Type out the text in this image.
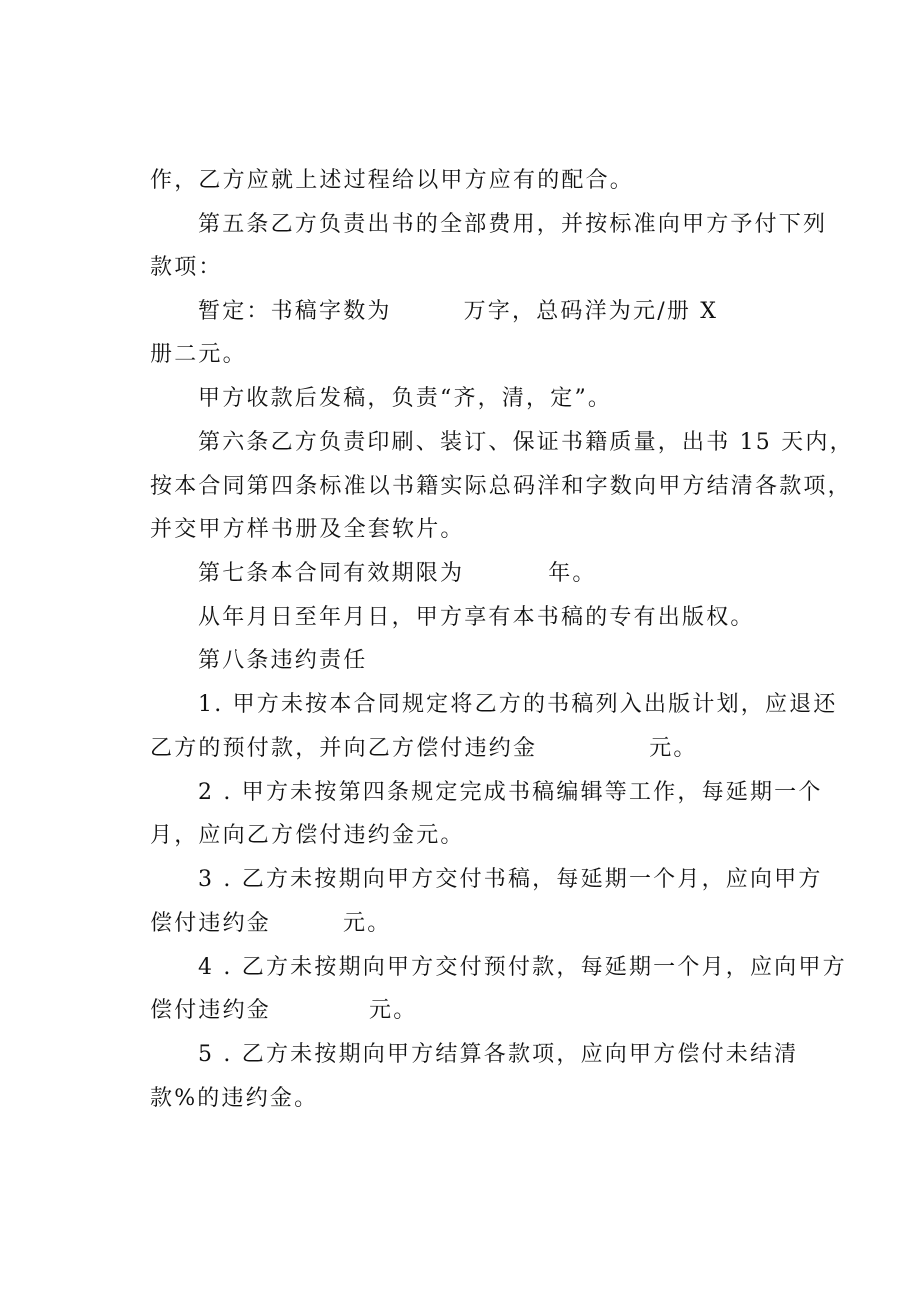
作，乙方应就上述过程给以甲方应有的配合。
第五条乙方负责出书的全部费用，并按标准向甲方予付下列
款项：
暂定：书稿字数为	万字，总码洋为元/册 X
册二元。
甲方收款后发稿，负责“齐，清，定”。
第六条乙方负责印刷、装订、保证书籍质量，出书 15 天内，
按本合同第四条标准以书籍实际总码洋和字数向甲方结清各款项，
并交甲方样书册及全套软片。
第七条本合同有效期限为	年。
从年月日至年月日，甲方享有本书稿的专有出版权。
第八条违约责任
1. 甲方未按本合同规定将乙方的书稿列入出版计划，应退还
乙方的预付款，并向乙方偿付违约金	元。
2 . 甲方未按第四条规定完成书稿编辑等工作，每延期一个
月，应向乙方偿付违约金元。
3 . 乙方未按期向甲方交付书稿，每延期一个月，应向甲方
偿付违约金	元。
4 . 乙方未按期向甲方交付预付款，每延期一个月，应向甲方
偿付违约金	元。
5 . 乙方未按期向甲方结算各款项，应向甲方偿付未结清
款%的违约金。
